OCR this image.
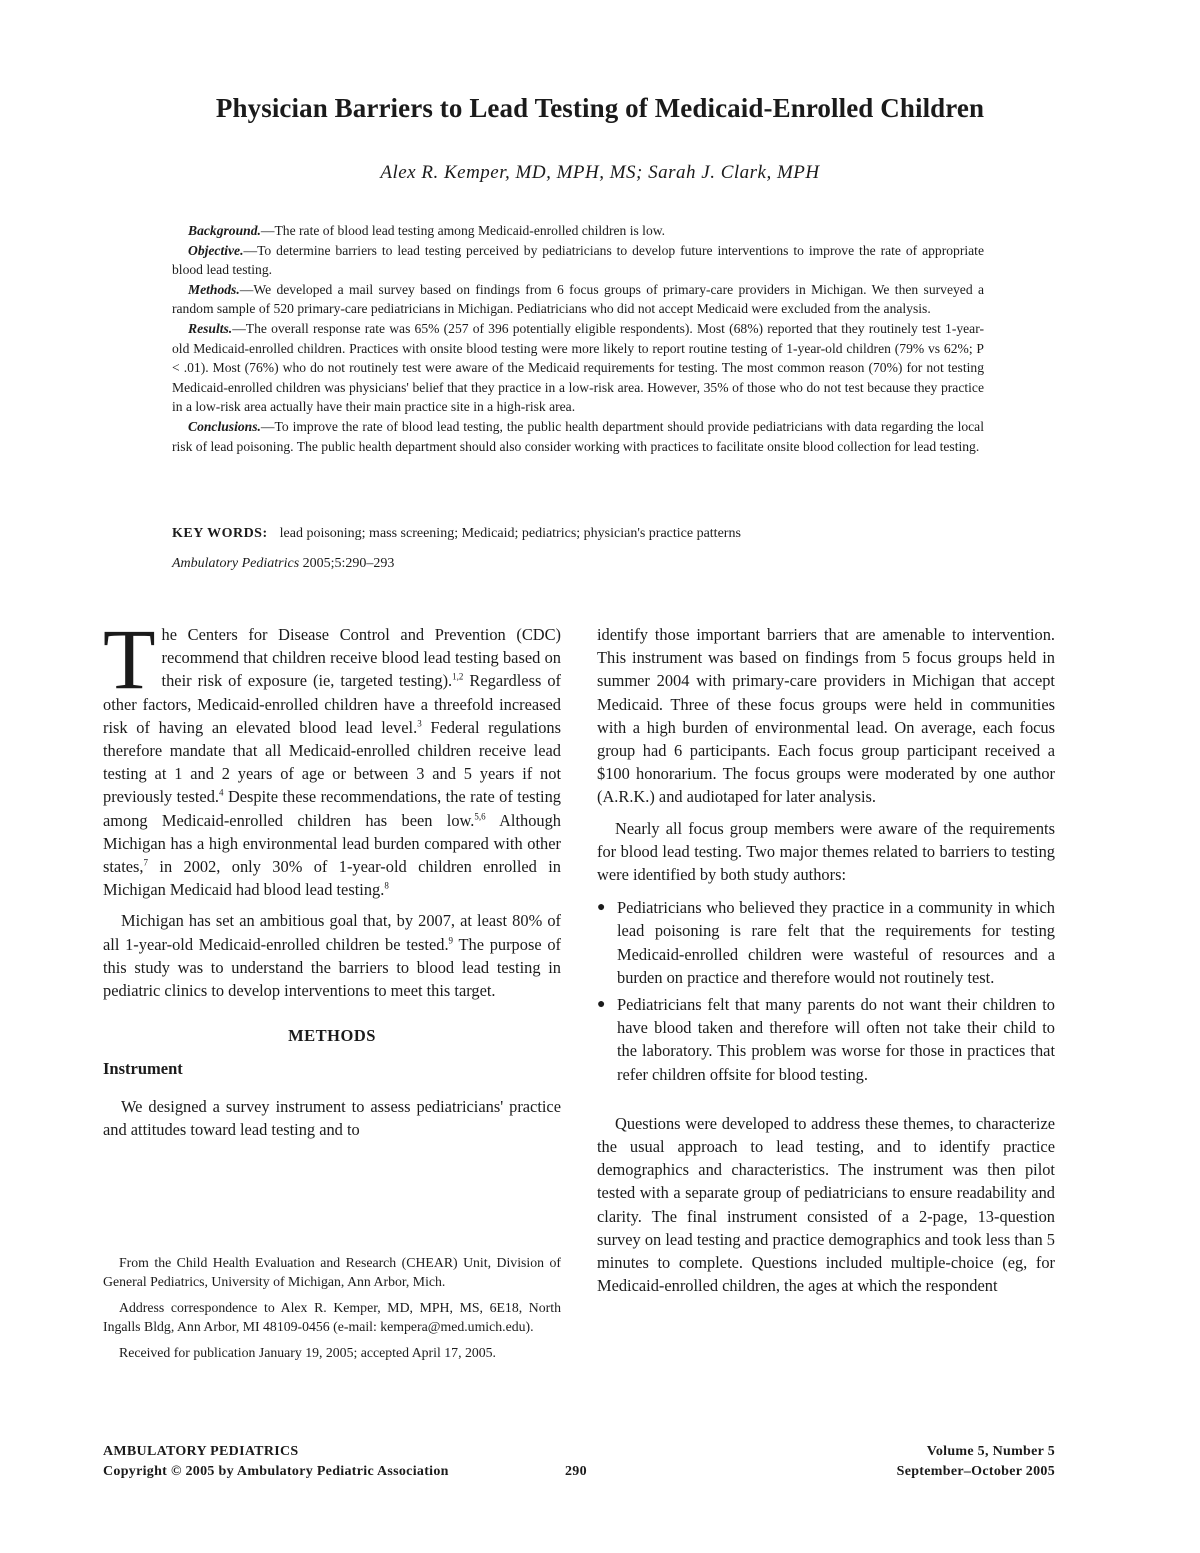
Physician Barriers to Lead Testing of Medicaid-Enrolled Children
Alex R. Kemper, MD, MPH, MS; Sarah J. Clark, MPH

Background.—The rate of blood lead testing among Medicaid-enrolled children is low.

Objective.—To determine barriers to lead testing perceived by pediatricians to develop future interventions to improve the rate of appropriate blood lead testing.

Methods.—We developed a mail survey based on findings from 6 focus groups of primary-care providers in Michigan. We then surveyed a random sample of 520 primary-care pediatricians in Michigan. Pediatricians who did not accept Medicaid were excluded from the analysis.

Results.—The overall response rate was 65% (257 of 396 potentially eligible respondents). Most (68%) reported that they routinely test 1-year-old Medicaid-enrolled children. Practices with onsite blood testing were more likely to report routine testing of 1-year-old children (79% vs 62%; P < .01). Most (76%) who do not routinely test were aware of the Medicaid requirements for testing. The most common reason (70%) for not testing Medicaid-enrolled children was physicians' belief that they practice in a low-risk area. However, 35% of those who do not test because they practice in a low-risk area actually have their main practice site in a high-risk area.

Conclusions.—To improve the rate of blood lead testing, the public health department should provide pediatricians with data regarding the local risk of lead poisoning. The public health department should also consider working with practices to facilitate onsite blood collection for lead testing.

KEY WORDS: lead poisoning; mass screening; Medicaid; pediatrics; physician's practice patterns
Ambulatory Pediatrics 2005;5:290–293

The Centers for Disease Control and Prevention (CDC) recommend that children receive blood lead testing based on their risk of exposure (ie, targeted testing).$^{1,2}$ Regardless of other factors, Medicaid-enrolled children have a threefold increased risk of having an elevated blood lead level.$^3$ Federal regulations therefore mandate that all Medicaid-enrolled children receive lead testing at 1 and 2 years of age or between 3 and 5 years if not previously tested.$^4$ Despite these recommendations, the rate of testing among Medicaid-enrolled children has been low.$^{5,6}$ Although Michigan has a high environmental lead burden compared with other states,$^7$ in 2002, only 30% of 1-year-old children enrolled in Michigan Medicaid had blood lead testing.$^8$

Michigan has set an ambitious goal that, by 2007, at least 80% of all 1-year-old Medicaid-enrolled children be tested.$^9$ The purpose of this study was to understand the barriers to blood lead testing in pediatric clinics to develop interventions to meet this target.

METHODS
Instrument

We designed a survey instrument to assess pediatricians' practice and attitudes toward lead testing and to

identify those important barriers that are amenable to intervention. This instrument was based on findings from 5 focus groups held in summer 2004 with primary-care providers in Michigan that accept Medicaid. Three of these focus groups were held in communities with a high burden of environmental lead. On average, each focus group had 6 participants. Each focus group participant received a $100 honorarium. The focus groups were moderated by one author (A.R.K.) and audiotaped for later analysis.

Nearly all focus group members were aware of the requirements for blood lead testing. Two major themes related to barriers to testing were identified by both study authors:

● Pediatricians who believed they practice in a community in which lead poisoning is rare felt that the requirements for testing Medicaid-enrolled children were wasteful of resources and a burden on practice and therefore would not routinely test.
● Pediatricians felt that many parents do not want their children to have blood taken and therefore will often not take their child to the laboratory. This problem was worse for those in practices that refer children offsite for blood testing.

Questions were developed to address these themes, to characterize the usual approach to lead testing, and to identify practice demographics and characteristics. The instrument was then pilot tested with a separate group of pediatricians to ensure readability and clarity. The final instrument consisted of a 2-page, 13-question survey on lead testing and practice demographics and took less than 5 minutes to complete. Questions included multiple-choice (eg, for Medicaid-enrolled children, the ages at which the respondent

From the Child Health Evaluation and Research (CHEAR) Unit, Division of General Pediatrics, University of Michigan, Ann Arbor, Mich.

Address correspondence to Alex R. Kemper, MD, MPH, MS, 6E18, North Ingalls Bldg, Ann Arbor, MI 48109-0456 (e-mail: kempera@med.umich.edu).

Received for publication January 19, 2005; accepted April 17, 2005.

AMBULATORY PEDIATRICS
Copyright © 2005 by Ambulatory Pediatric Association	290
Volume 5, Number 5
September–October 2005
